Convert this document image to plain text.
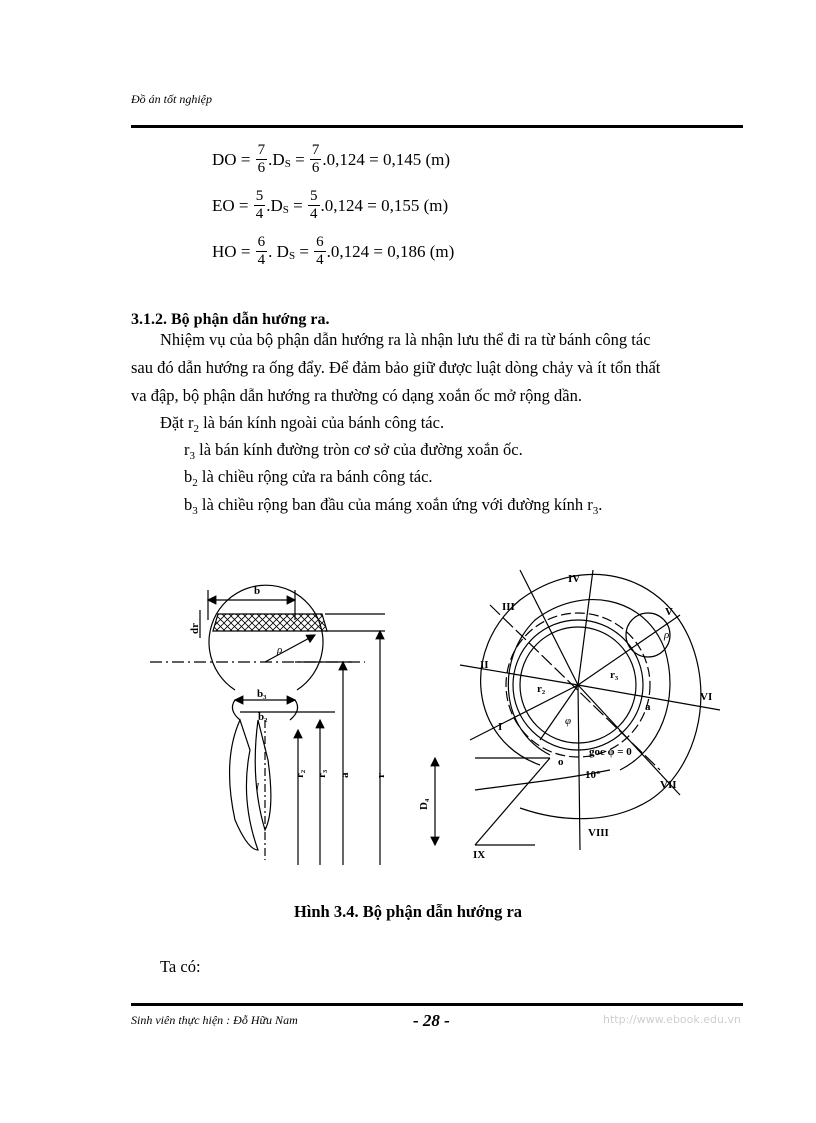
Đồ án tốt nghiệp
DO = $\frac{7}{6} .D$ $S = \frac{7}{6} .0,124 = 0,145$ (m)
EO = $\frac{5}{4} .D$ $S = \frac{5}{4} .0,124 = 0,155$ (m)
HO = $\frac{6}{4}$ . D $S = \frac{6}{4} .0,124 = 0,186$ (m)
3.1.2. Bộ phận dẫn hướng ra.
Nhiệm vụ của bộ phận dẫn hướng ra là nhận lưu thể đi ra từ bánh công tác
sau đó dẫn hướng ra ống đẩy. Để đảm bảo giữ được luật dòng chảy và ít tổn thất
va đập, bộ phận dẫn hướng ra thường có dạng xoắn ốc mở rộng dần.
Đặt $r_2$ là bán kính ngoài của bánh công tác.
$r_3$ là bán kính đường tròn cơ sở của đường xoắn ốc.
$b_2$ là chiều rộng cửa ra bánh công tác.
$b_3$ là chiều rộng ban đầu của máng xoắn ứng với đường kính $r_3$.
b
dr
ρ
b₃
b₂
r₂ r₃ a r
l
IV
III	V
II
VI
I
r₂
r₃
a
ρ
φ
goc φ = 0
o
10°
VII
D₄
VIII
IX
Hình 3.4. Bộ phận dẫn hướng ra
Ta có:
Sinh viên thực hiện : Đỗ Hữu Nam	- 28 -	http://www.ebook.edu.vn
